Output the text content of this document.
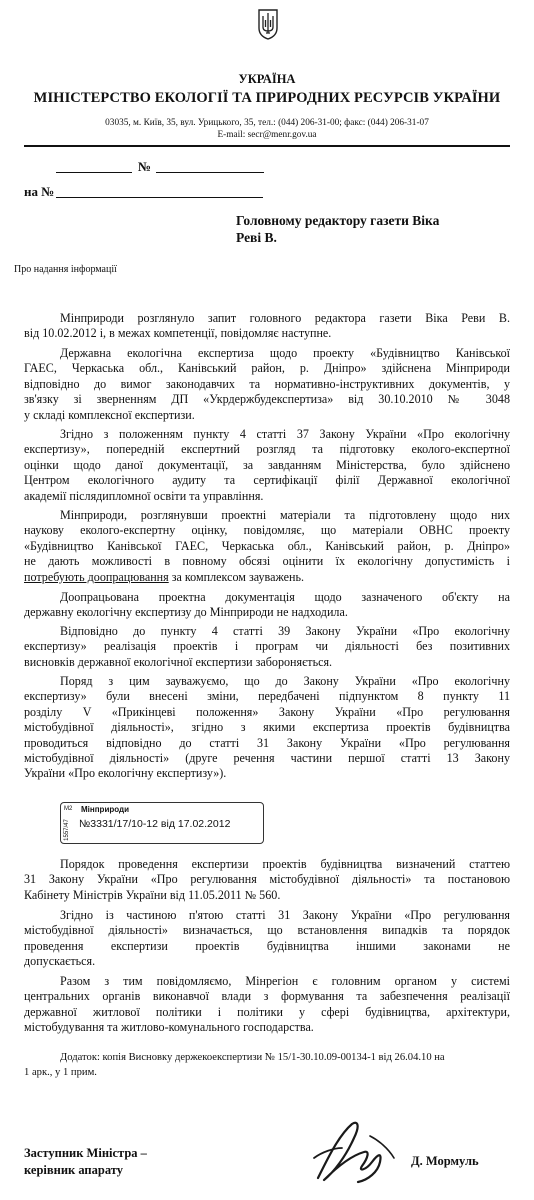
УКРАЇНА
МІНІСТЕРСТВО ЕКОЛОГІЇ ТА ПРИРОДНИХ РЕСУРСІВ УКРАЇНИ
03035, м. Київ, 35, вул. Урицького, 35, тел.: (044) 206-31-00; факс: (044) 206-31-07
E-mail: secr@menr.gov.ua
№
на №
Головному редактору газети Віка
Реві В.
Про надання інформації
Мінприроди розглянуло запит головного редактора газети Віка Реви В.
від 10.02.2012 і, в межах компетенції, повідомляє наступне.
Державна екологічна експертиза щодо проекту «Будівництво Канівської
ГАЕС, Черкаська обл., Канівський район, р. Дніпро» здійснена Мінприроди
відповідно до вимог законодавчих та нормативно-інструктивних документів, у
зв'язку зі зверненням ДП «Укрдержбудекспертиза» від 30.10.2010 № 3048
у складі комплексної експертизи.
Згідно з положенням пункту 4 статті 37 Закону України «Про екологічну
експертизу», попередній експертний розгляд та підготовку еколого-експертної
оцінки щодо даної документації, за завданням Міністерства, було здійснено
Центром екологічного аудиту та сертифікації філії Державної екологічної
академії післядипломної освіти та управління.
Мінприроди, розглянувши проектні матеріали та підготовлену щодо них
наукову еколого-експертну оцінку, повідомляє, що матеріали ОВНС проекту
«Будівництво Канівської ГАЕС, Черкаська обл., Канівський район, р. Дніпро»
не дають можливості в повному обсязі оцінити їх екологічну допустимість і
потребують доопрацювання за комплексом зауважень.
Доопрацьована проектна документація щодо зазначеного об'єкту на
державну екологічну експертизу до Мінприроди не надходила.
Відповідно до пункту 4 статті 39 Закону України «Про екологічну
експертизу» реалізація проектів і програм чи діяльності без позитивних
висновків державної екологічної експертизи забороняється.
Поряд з цим зауважуємо, що до Закону України «Про екологічну
експертизу» були внесені зміни, передбачені підпунктом 8 пункту 11
розділу V «Прикінцеві положення» Закону України «Про регулювання
містобудівної діяльності», згідно з якими експертиза проектів будівництва
проводиться відповідно до статті 31 Закону України «Про регулювання
містобудівної діяльності» (друге речення частини першої статті 13 Закону
України «Про екологічну експертизу»).
М2
1557/47
Мінприроди
№3331/17/10-12 від 17.02.2012
Порядок проведення експертизи проектів будівництва визначений статтею
31 Закону України «Про регулювання містобудівної діяльності» та постановою
Кабінету Міністрів України від 11.05.2011 № 560.
Згідно із частиною п'ятою статті 31 Закону України «Про регулювання
містобудівної діяльності» визначається, що встановлення випадків та порядок
проведення експертизи проектів будівництва іншими законами не
допускається.
Разом з тим повідомляємо, Мінрегіон є головним органом у системі
центральних органів виконавчої влади з формування та забезпечення реалізації
державної житлової політики і політики у сфері будівництва, архітектури,
містобудування та житлово-комунального господарства.
Додаток: копія Висновку держекоекспертизи № 15/1-30.10.09-00134-1 від 26.04.10 на
1 арк., у 1 прим.
Заступник Міністра –
керівник апарату
Д. Мормуль
